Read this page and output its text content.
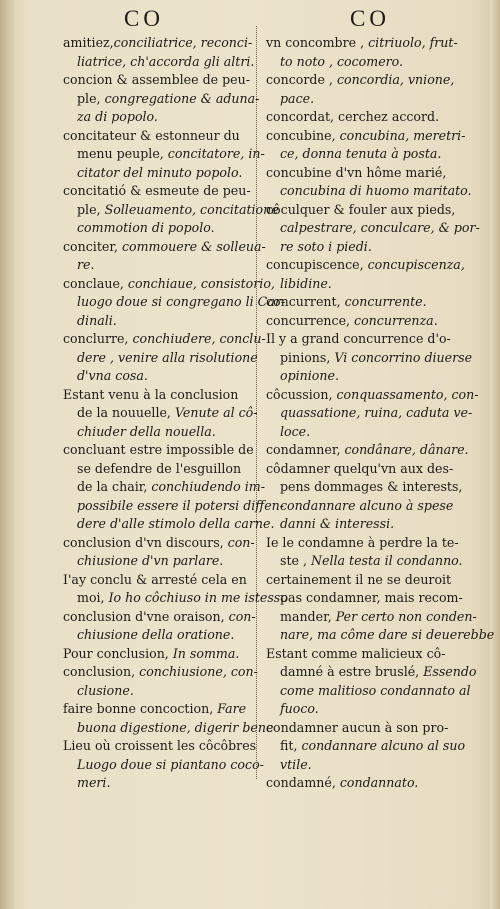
CO	CO
amitiez,conciliatrice, reconci-
liatrice, ch'accorda gli altri.
concion & assemblee de peu-
ple, congregatione & aduna-
za di popolo.
concitateur & estonneur du
menu peuple, concitatore, in-
citator del minuto popolo.
concitatió & esmeute de peu-
ple, Solleuamento, concitatione
commotion di popolo.
conciter, commouere & solleua-
re.
conclaue, conchiaue, consistorio,
luogo doue si congregano li Car-
dinali.
conclurre, conchiudere, conclu-
dere , venire alla risolutione
d'vna cosa.
Estant venu à la conclusion
de la nouuelle, Venute al cô-
chiuder della nouella.
concluant estre impossible de
se defendre de l'esguillon
de la chair, conchiudendo im-
possibile essere il potersi diffen-
dere d'alle stimolo della carne.
conclusion d'vn discours, con-
chiusione d'vn parlare.
I'ay conclu & arresté cela en
moi, Io ho côchiuso in me istesso
conclusion d'vne oraison, con-
chiusione della oratione.
Pour conclusion, In somma.
conclusion, conchiusione, con-
clusione.
faire bonne concoction, Fare
buona digestione, digerir bene
Lieu où croissent les côcôbres
Luogo doue si piantano coco-
meri.
vn concombre , citriuolo, frut-
to noto , cocomero.
concorde , concordia, vnione,
pace.
concordat, cerchez accord.
concubine, concubina, meretri-
ce, donna tenuta à posta.
concubine d'vn hôme marié,
concubina di huomo maritato.
côculquer & fouler aux pieds,
calpestrare, conculcare, & por-
re soto i piedi.
concupiscence, concupiscenza,
libidine.
concurrent, concurrente.
concurrence, concurrenza.
Il y a grand concurrence d'o-
pinions, Vi concorrino diuerse
opinione.
côcussion, conquassamento, con-
quassatione, ruina, caduta ve-
loce.
condamner, condânare, dânare.
côdamner quelqu'vn aux des-
pens dommages & interests,
condannare alcuno à spese
danni & interessi.
Ie le condamne à perdre la te-
ste , Nella testa il condanno.
certainement il ne se deuroit
pas condamner, mais recom-
mander, Per certo non conden-
nare, ma côme dare si deuerebbe
Estant comme malicieux cô-
damné à estre bruslé, Essendo
come malitioso condannato al
fuoco.
condamner aucun à son pro-
fit, condannare alcuno al suo
vtile.
condamné, condannato.
